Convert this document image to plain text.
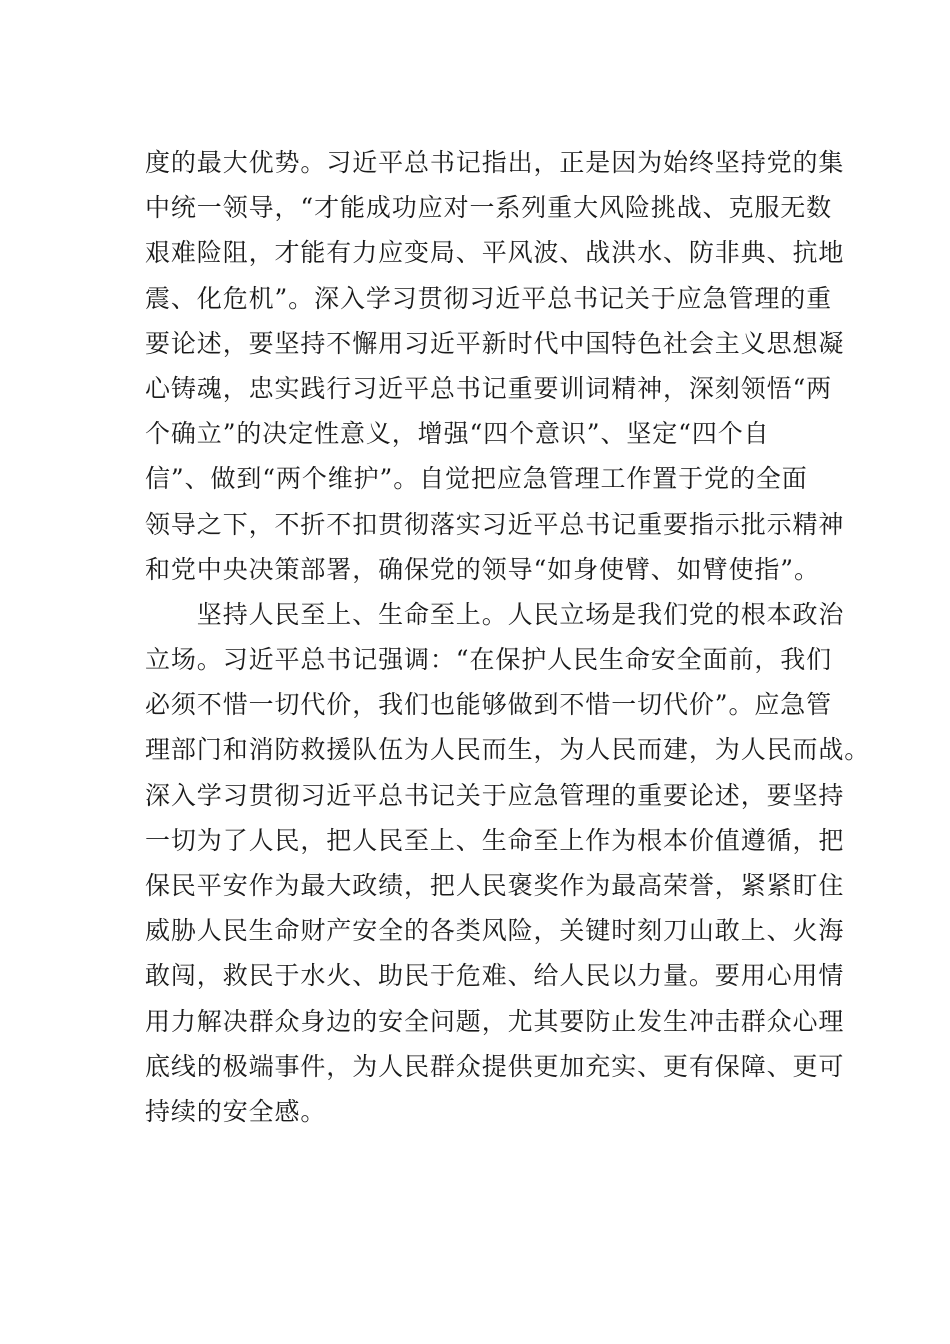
度的最大优势。习近平总书记指出，正是因为始终坚持党的集
中统一领导，“才能成功应对一系列重大风险挑战、克服无数
艰难险阻，才能有力应变局、平风波、战洪水、防非典、抗地
震、化危机”。深入学习贯彻习近平总书记关于应急管理的重
要论述，要坚持不懈用习近平新时代中国特色社会主义思想凝
心铸魂，忠实践行习近平总书记重要训词精神，深刻领悟“两
个确立”的决定性意义，增强“四个意识”、坚定“四个自
信”、做到“两个维护”。自觉把应急管理工作置于党的全面
领导之下，不折不扣贯彻落实习近平总书记重要指示批示精神
和党中央决策部署，确保党的领导“如身使臂、如臂使指”。
　　坚持人民至上、生命至上。人民立场是我们党的根本政治
立场。习近平总书记强调：“在保护人民生命安全面前，我们
必须不惜一切代价，我们也能够做到不惜一切代价”。应急管
理部门和消防救援队伍为人民而生，为人民而建，为人民而战。
深入学习贯彻习近平总书记关于应急管理的重要论述，要坚持
一切为了人民，把人民至上、生命至上作为根本价值遵循，把
保民平安作为最大政绩，把人民褒奖作为最高荣誉，紧紧盯住
威胁人民生命财产安全的各类风险，关键时刻刀山敢上、火海
敢闯，救民于水火、助民于危难、给人民以力量。要用心用情
用力解决群众身边的安全问题，尤其要防止发生冲击群众心理
底线的极端事件，为人民群众提供更加充实、更有保障、更可
持续的安全感。
